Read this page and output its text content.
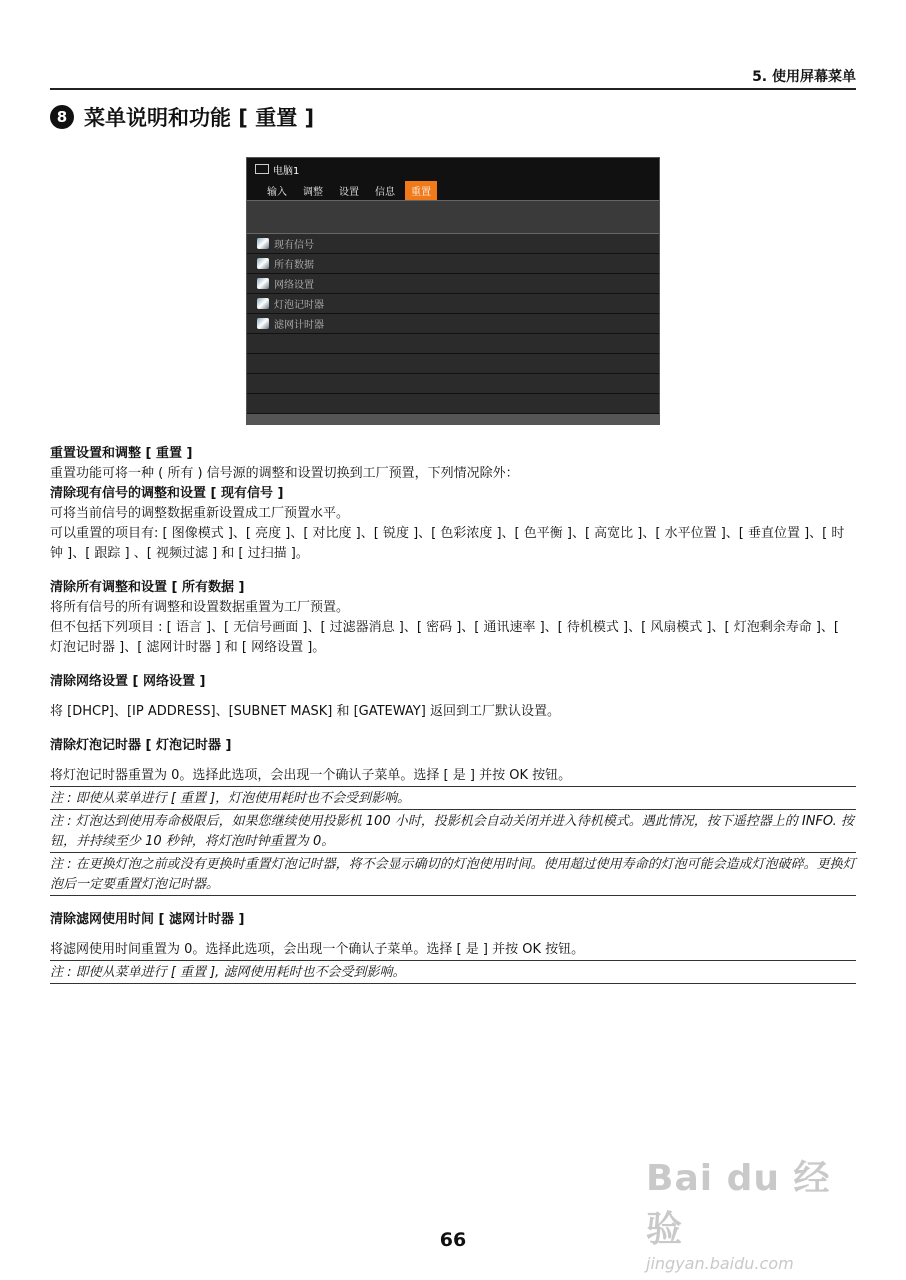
5. 使用屏幕菜单
8 菜单说明和功能 [ 重置 ]
电脑1
输入	调整	设置	信息	重置
现有信号
所有数据
网络设置
灯泡记时器
滤网计时器

重置设置和调整 [ 重置 ]

重置功能可将一种 ( 所有 ) 信号源的调整和设置切换到工厂预置，下列情况除外：

清除现有信号的调整和设置 [ 现有信号 ]

可将当前信号的调整数据重新设置成工厂预置水平。

可以重置的项目有: [ 图像模式 ]、[ 亮度 ]、[ 对比度 ]、[ 锐度 ]、[ 色彩浓度 ]、[ 色平衡 ]、[ 高宽比 ]、[ 水平位置 ]、[ 垂直位置 ]、[ 时钟 ]、[ 跟踪 ] 、[ 视频过滤 ] 和 [ 过扫描 ]。

清除所有调整和设置 [ 所有数据 ]

将所有信号的所有调整和设置数据重置为工厂预置。

但不包括下列项目 : [ 语言 ]、[ 无信号画面 ]、[ 过滤器消息 ]、[ 密码 ]、[ 通讯速率 ]、[ 待机模式 ]、[ 风扇模式 ]、[ 灯泡剩余寿命 ]、[ 灯泡记时器 ]、[ 滤网计时器 ] 和 [ 网络设置 ]。

清除网络设置 [ 网络设置 ]

将 [DHCP]、[IP ADDRESS]、[SUBNET MASK] 和 [GATEWAY] 返回到工厂默认设置。

清除灯泡记时器 [ 灯泡记时器 ]

将灯泡记时器重置为 0。选择此选项，会出现一个确认子菜单。选择 [ 是 ] 并按 OK 按钮。

注 : 即使从菜单进行 [ 重置 ]，灯泡使用耗时也不会受到影响。

注 : 灯泡达到使用寿命极限后，如果您继续使用投影机 100 小时，投影机会自动关闭并进入待机模式。遇此情况，按下遥控器上的 INFO. 按钮，并持续至少 10 秒钟，将灯泡时钟重置为 0。

注 : 在更换灯泡之前或没有更换时重置灯泡记时器，将不会显示确切的灯泡使用时间。使用超过使用寿命的灯泡可能会造成灯泡破碎。更换灯泡后一定要重置灯泡记时器。

清除滤网使用时间 [ 滤网计时器 ]

将滤网使用时间重置为 0。选择此选项，会出现一个确认子菜单。选择 [ 是 ] 并按 OK 按钮。

注 : 即使从菜单进行 [ 重置 ], 滤网使用耗时也不会受到影响。

66
Bai du 经验
jingyan.baidu.com
